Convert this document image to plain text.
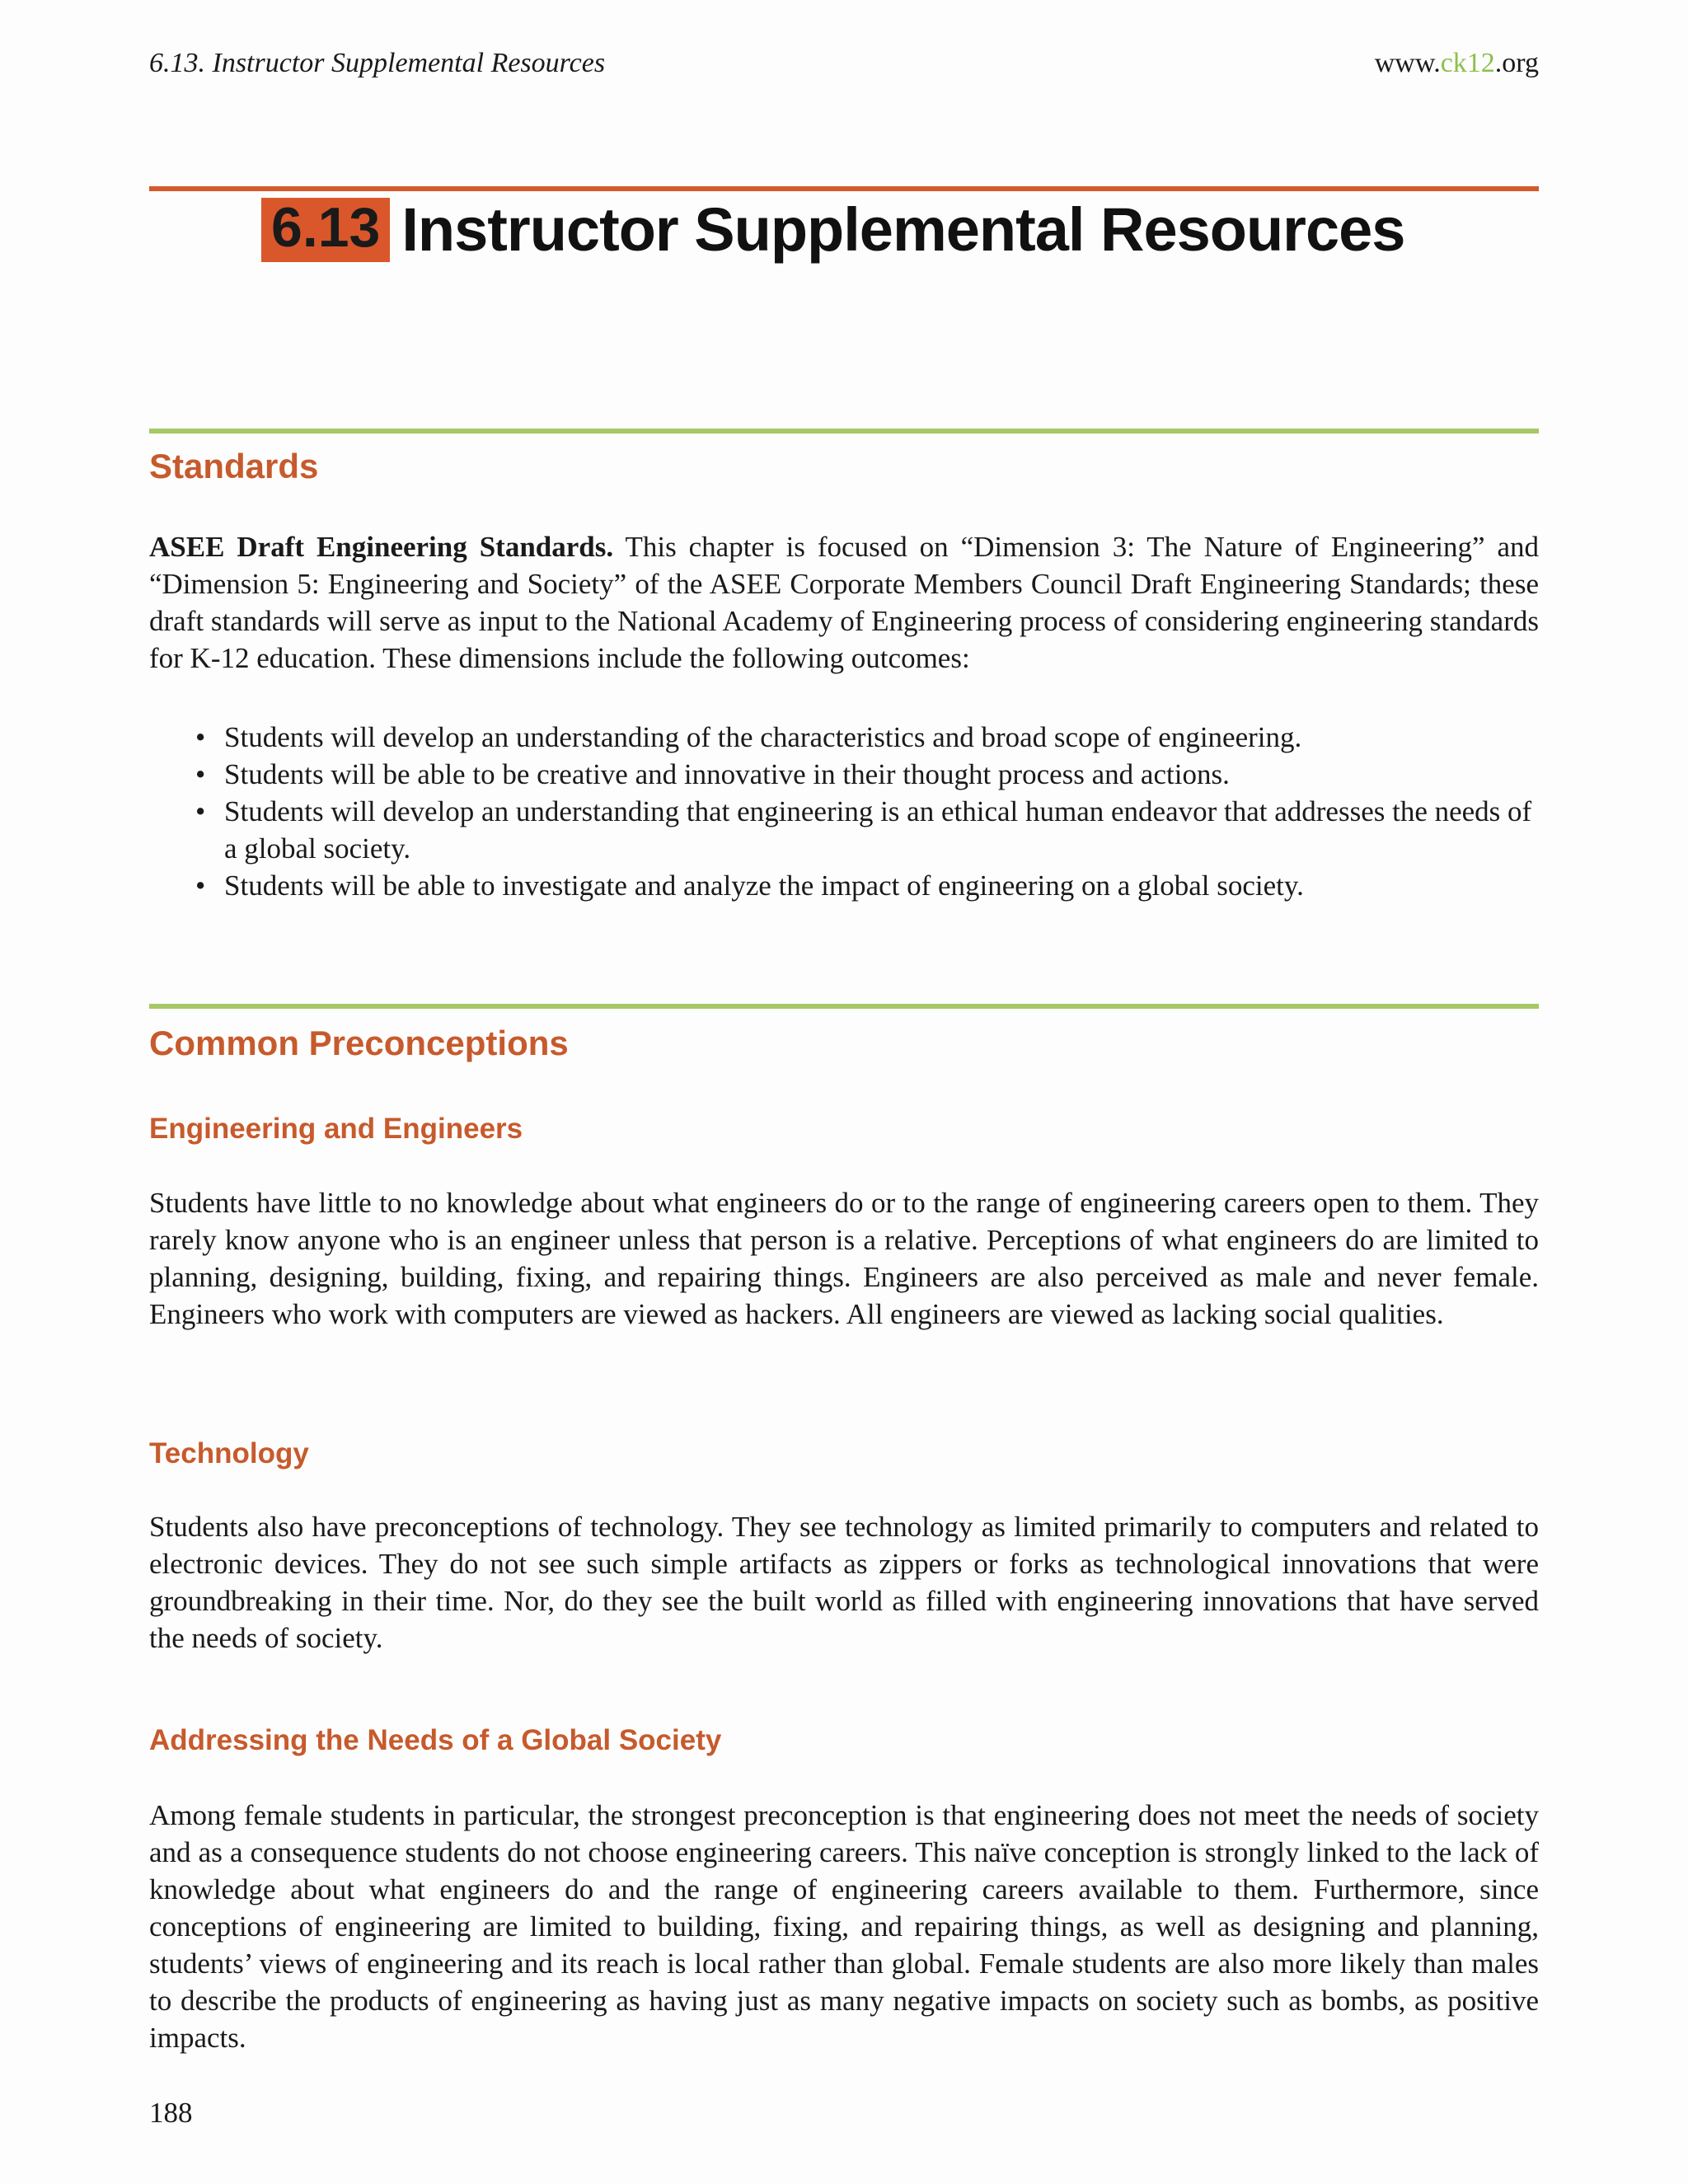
6.13. Instructor Supplemental Resources	www.ck12.org
6.13 Instructor Supplemental Resources
Standards

ASEE Draft Engineering Standards. This chapter is focused on “Dimension 3: The Nature of Engineering” and “Dimension 5: Engineering and Society” of the ASEE Corporate Members Council Draft Engineering Standards; these draft standards will serve as input to the National Academy of Engineering process of considering engineering standards for K-12 education. These dimensions include the following outcomes:

• Students will develop an understanding of the characteristics and broad scope of engineering.
• Students will be able to be creative and innovative in their thought process and actions.
• Students will develop an understanding that engineering is an ethical human endeavor that addresses the needs of a global society.
• Students will be able to investigate and analyze the impact of engineering on a global society.
Common Preconceptions
Engineering and Engineers

Students have little to no knowledge about what engineers do or to the range of engineering careers open to them. They rarely know anyone who is an engineer unless that person is a relative. Perceptions of what engineers do are limited to planning, designing, building, fixing, and repairing things. Engineers are also perceived as male and never female. Engineers who work with computers are viewed as hackers. All engineers are viewed as lacking social qualities.

Technology

Students also have preconceptions of technology. They see technology as limited primarily to computers and related to electronic devices. They do not see such simple artifacts as zippers or forks as technological innovations that were groundbreaking in their time. Nor, do they see the built world as filled with engineering innovations that have served the needs of society.

Addressing the Needs of a Global Society

Among female students in particular, the strongest preconception is that engineering does not meet the needs of society and as a consequence students do not choose engineering careers. This naïve conception is strongly linked to the lack of knowledge about what engineers do and the range of engineering careers available to them. Furthermore, since conceptions of engineering are limited to building, fixing, and repairing things, as well as designing and planning, students’ views of engineering and its reach is local rather than global. Female students are also more likely than males to describe the products of engineering as having just as many negative impacts on society such as bombs, as positive impacts.

188
